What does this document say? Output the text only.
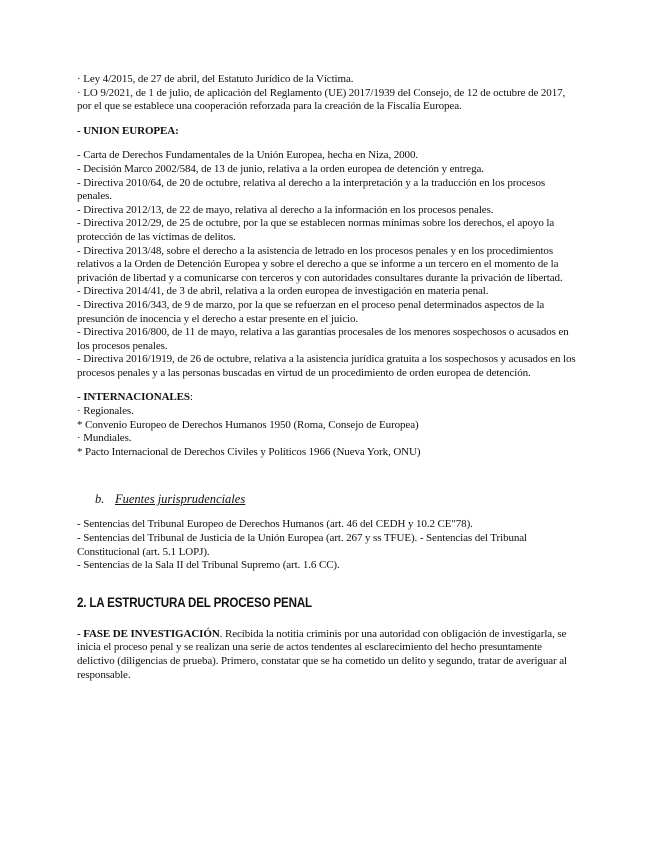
· Ley 4/2015, de 27 de abril, del Estatuto Jurídico de la Víctima.

· LO 9/2021, de 1 de julio, de aplicación del Reglamento (UE) 2017/1939 del Consejo, de 12 de octubre de 2017, por el que se establece una cooperación reforzada para la creación de la Fiscalía Europea.

- UNION EUROPEA:

- Carta de Derechos Fundamentales de la Unión Europea, hecha en Niza, 2000.

- Decisión Marco 2002/584, de 13 de junio, relativa a la orden europea de detención y entrega.

- Directiva 2010/64, de 20 de octubre, relativa al derecho a la interpretación y a la traducción en los procesos penales.

- Directiva 2012/13, de 22 de mayo, relativa al derecho a la información en los procesos penales.

- Directiva 2012/29, de 25 de octubre, por la que se establecen normas mínimas sobre los derechos, el apoyo la protección de las víctimas de delitos.

- Directiva 2013/48, sobre el derecho a la asistencia de letrado en los procesos penales y en los procedimientos relativos a la Orden de Detención Europea y sobre el derecho a que se informe a un tercero en el momento de la privación de libertad y a comunicarse con terceros y con autoridades consultares durante la privación de libertad.

- Directiva 2014/41, de 3 de abril, relativa a la orden europea de investigación en materia penal.

- Directiva 2016/343, de 9 de marzo, por la que se refuerzan en el proceso penal determinados aspectos de la presunción de inocencia y el derecho a estar presente en el juicio.

- Directiva 2016/800, de 11 de mayo, relativa a las garantías procesales de los menores sospechosos o acusados en los procesos penales.

- Directiva 2016/1919, de 26 de octubre, relativa a la asistencia jurídica gratuita a los sospechosos y acusados en los procesos penales y a las personas buscadas en virtud de un procedimiento de orden europea de detención.

- INTERNACIONALES:

· Regionales.

* Convenio Europeo de Derechos Humanos 1950 (Roma, Consejo de Europea)

· Mundiales.

* Pacto Internacional de Derechos Civiles y Políticos 1966 (Nueva York, ONU)

b. Fuentes jurisprudenciales

- Sentencias del Tribunal Europeo de Derechos Humanos (art. 46 del CEDH y 10.2 CE"78).

- Sentencias del Tribunal de Justicia de la Unión Europea (art. 267 y ss TFUE). - Sentencias del Tribunal Constitucional (art. 5.1 LOPJ).

- Sentencias de la Sala II del Tribunal Supremo (art. 1.6 CC).

2. LA ESTRUCTURA DEL PROCESO PENAL
- FASE DE INVESTIGACIÓN. Recibida la notitia criminis por una autoridad con obligación de investigarla, se inicia el proceso penal y se realizan una serie de actos tendentes al esclarecimiento del hecho presuntamente delictivo (diligencias de prueba). Primero, constatar que se ha cometido un delito y segundo, tratar de averiguar al responsable.
